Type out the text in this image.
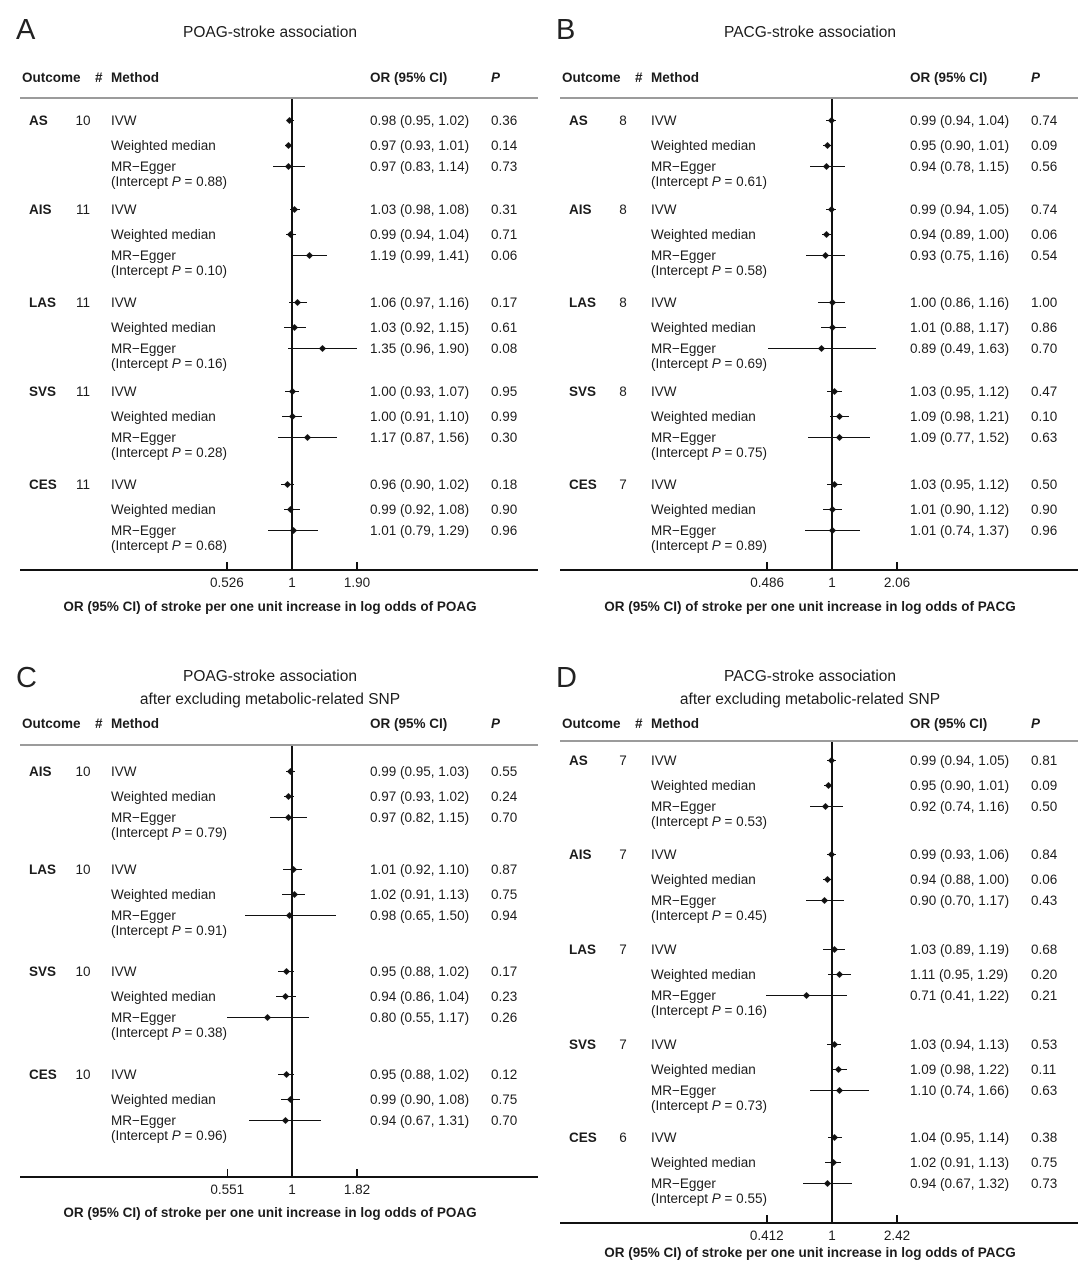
A	POAG-stroke association
Outcome # Method	OR (95% CI)	P
AS	10	IVW	0.98 (0.95, 1.02) 0.36
Weighted median	0.97 (0.93, 1.01) 0.14
MR−Egger	0.97 (0.83, 1.14) 0.73
(Intercept P = 0.88)
AIS	11	IVW	1.03 (0.98, 1.08) 0.31
Weighted median	0.99 (0.94, 1.04) 0.71
MR−Egger	1.19 (0.99, 1.41) 0.06
(Intercept P = 0.10)
LAS	11	IVW	1.06 (0.97, 1.16) 0.17
Weighted median	1.03 (0.92, 1.15) 0.61
MR−Egger	1.35 (0.96, 1.90) 0.08
(Intercept P = 0.16)
SVS	11	IVW	1.00 (0.93, 1.07) 0.95
Weighted median	1.00 (0.91, 1.10) 0.99
MR−Egger	1.17 (0.87, 1.56) 0.30
(Intercept P = 0.28)
CES	11	IVW	0.96 (0.90, 1.02) 0.18
Weighted median	0.99 (0.92, 1.08) 0.90
MR−Egger	1.01 (0.79, 1.29) 0.96
(Intercept P = 0.68)
0.526	1	1.90
OR (95% CI) of stroke per one unit increase in log odds of POAG
B	PACG-stroke association
Outcome # Method	OR (95% CI)	P
AS	8	IVW	0.99 (0.94, 1.04) 0.74
Weighted median	0.95 (0.90, 1.01) 0.09
MR−Egger	0.94 (0.78, 1.15) 0.56
(Intercept P = 0.61)
AIS	8	IVW	0.99 (0.94, 1.05) 0.74
Weighted median	0.94 (0.89, 1.00) 0.06
MR−Egger	0.93 (0.75, 1.16) 0.54
(Intercept P = 0.58)
LAS	8	IVW	1.00 (0.86, 1.16) 1.00
Weighted median	1.01 (0.88, 1.17) 0.86
MR−Egger	0.89 (0.49, 1.63) 0.70
(Intercept P = 0.69)
SVS	8	IVW	1.03 (0.95, 1.12) 0.47
Weighted median	1.09 (0.98, 1.21) 0.10
MR−Egger	1.09 (0.77, 1.52) 0.63
(Intercept P = 0.75)
CES	7	IVW	1.03 (0.95, 1.12) 0.50
Weighted median	1.01 (0.90, 1.12) 0.90
MR−Egger	1.01 (0.74, 1.37) 0.96
(Intercept P = 0.89)
0.486	1	2.06
OR (95% CI) of stroke per one unit increase in log odds of PACG
C	POAG-stroke association
after excluding metabolic-related SNP
Outcome # Method	OR (95% CI)	P
AIS	10	IVW	0.99 (0.95, 1.03) 0.55
Weighted median	0.97 (0.93, 1.02) 0.24
MR−Egger	0.97 (0.82, 1.15) 0.70
(Intercept P = 0.79)
LAS	10	IVW	1.01 (0.92, 1.10) 0.87
Weighted median	1.02 (0.91, 1.13) 0.75
MR−Egger	0.98 (0.65, 1.50) 0.94
(Intercept P = 0.91)
SVS	10	IVW	0.95 (0.88, 1.02) 0.17
Weighted median	0.94 (0.86, 1.04) 0.23
MR−Egger	0.80 (0.55, 1.17) 0.26
(Intercept P = 0.38)
CES	10	IVW	0.95 (0.88, 1.02) 0.12
Weighted median	0.99 (0.90, 1.08) 0.75
MR−Egger	0.94 (0.67, 1.31) 0.70
(Intercept P = 0.96)
0.551	1	1.82
OR (95% CI) of stroke per one unit increase in log odds of POAG
D	PACG-stroke association
after excluding metabolic-related SNP
Outcome # Method	OR (95% CI)	P
AS	7	IVW	0.99 (0.94, 1.05) 0.81
Weighted median	0.95 (0.90, 1.01) 0.09
MR−Egger	0.92 (0.74, 1.16) 0.50
(Intercept P = 0.53)
AIS	7	IVW	0.99 (0.93, 1.06) 0.84
Weighted median	0.94 (0.88, 1.00) 0.06
MR−Egger	0.90 (0.70, 1.17) 0.43
(Intercept P = 0.45)
LAS	7	IVW	1.03 (0.89, 1.19) 0.68
Weighted median	1.11 (0.95, 1.29) 0.20
MR−Egger	0.71 (0.41, 1.22) 0.21
(Intercept P = 0.16)
SVS	7	IVW	1.03 (0.94, 1.13) 0.53
Weighted median	1.09 (0.98, 1.22) 0.11
MR−Egger	1.10 (0.74, 1.66) 0.63
(Intercept P = 0.73)
CES	6	IVW	1.04 (0.95, 1.14) 0.38
Weighted median	1.02 (0.91, 1.13) 0.75
MR−Egger	0.94 (0.67, 1.32) 0.73
(Intercept P = 0.55)
0.412	1	2.42
OR (95% CI) of stroke per one unit increase in log odds of PACG
